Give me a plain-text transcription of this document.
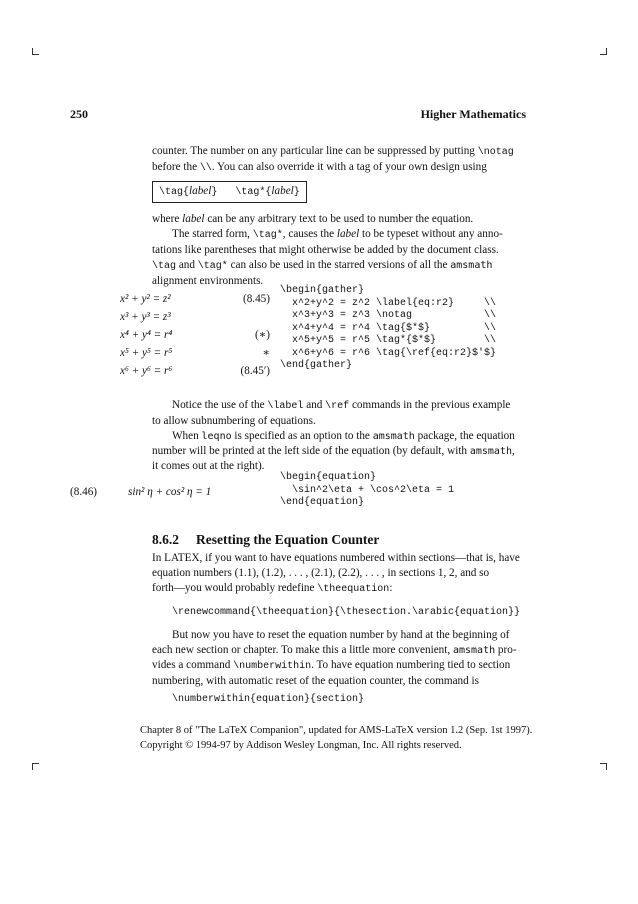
250	Higher Mathematics
counter. The number on any particular line can be suppressed by putting \notag
before the \\. You can also override it with a tag of your own design using
\tag{label}   \tag*{label}
where label can be any arbitrary text to be used to number the equation.
The starred form, \tag*, causes the label to be typeset without any anno-
tations like parentheses that might otherwise be added by the document class.
\tag and \tag* can also be used in the starred versions of all the amsmath
alignment environments.
x² + y² = z²	(8.45)
x³ + y³ = z³
x⁴ + y⁴ = r⁴	(∗)
x⁵ + y⁵ = r⁵	∗
x⁶ + y⁶ = r⁶	(8.45′)
\begin{gather}
x^2+y^2 = z^2 \label{eq:r2}     \\
x^3+y^3 = z^3 \notag            \\
x^4+y^4 = r^4 \tag{$*$}         \\
x^5+y^5 = r^5 \tag*{$*$}        \\
x^6+y^6 = r^6 \tag{\ref{eq:r2}$'$}
\end{gather}
Notice the use of the \label and \ref commands in the previous example
to allow subnumbering of equations.
When leqno is specified as an option to the amsmath package, the equation
number will be printed at the left side of the equation (by default, with amsmath,
it comes out at the right).
(8.46)	sin² η + cos² η = 1
\begin{equation}
\sin^2\eta + \cos^2\eta = 1
\end{equation}
8.6.2 Resetting the Equation Counter
In LATEX, if you want to have equations numbered within sections—that is, have
equation numbers (1.1), (1.2), . . . , (2.1), (2.2), . . . , in sections 1, 2, and so
forth—you would probably redefine \theequation:
\renewcommand{\theequation}{\thesection.\arabic{equation}}
But now you have to reset the equation number by hand at the beginning of
each new section or chapter. To make this a little more convenient, amsmath pro-
vides a command \numberwithin. To have equation numbering tied to section
numbering, with automatic reset of the equation counter, the command is
\numberwithin{equation}{section}
Chapter 8 of "The LaTeX Companion", updated for AMS-LaTeX version 1.2 (Sep. 1st 1997).
Copyright © 1994-97 by Addison Wesley Longman, Inc. All rights reserved.
